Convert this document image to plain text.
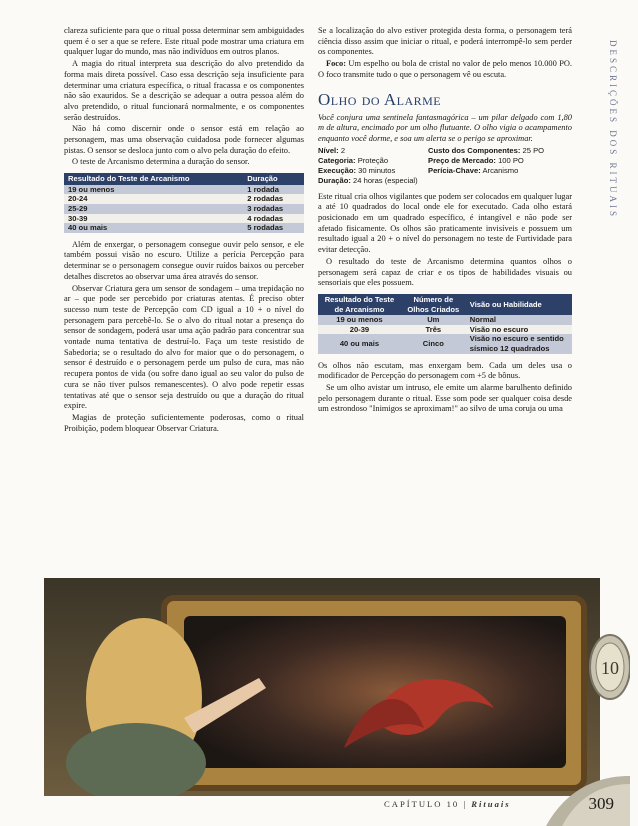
clareza suficiente para que o ritual possa determinar sem ambiguidades quem é o ser a que se refere. Este ritual pode mostrar uma criatura em qualquer lugar do mundo, mas não indivíduos em outros planos.

A magia do ritual interpreta sua descrição do alvo pretendido da forma mais direta possível. Caso essa descrição seja insuficiente para determinar uma criatura específica, o ritual fracassa e os componentes não são exauridos. Se a descrição se adequar a outra pessoa além do alvo pretendido, o ritual funcionará normalmente, e os componentes serão destruídos.

Não há como discernir onde o sensor está em relação ao personagem, mas uma observação cuidadosa pode fornecer algumas pistas. O sensor se desloca junto com o alvo pela duração do efeito.

O teste de Arcanismo determina a duração do sensor.

Resultado do Teste de Arcanismo	Duração
19 ou menos	1 rodada
20-24	2 rodadas
25-29	3 rodadas
30-39	4 rodadas
40 ou mais	5 rodadas

Além de enxergar, o personagem consegue ouvir pelo sensor, e ele também possui visão no escuro. Utilize a perícia Percepção para determinar se o personagem consegue ouvir ruídos baixos ou perceber detalhes discretos ao observar uma área através do sensor.

Observar Criatura gera um sensor de sondagem – uma trepidação no ar – que pode ser percebido por criaturas atentas. É preciso obter sucesso num teste de Percepção com CD igual a 10 + o nível do personagem para percebê-lo. Se o alvo do ritual notar a presença do sensor de sondagem, poderá usar uma ação padrão para concentrar sua vontade numa tentativa de destruí-lo. Faça um teste resistido de Sabedoria; se o resultado do alvo for maior que o do personagem, o sensor é destruído e o personagem perde um pulso de cura, mas não recupera pontos de vida (ou sofre dano igual ao seu valor do pulso de cura se não tiver pulsos remanescentes). O alvo pode repetir essas tentativas até que o sensor seja destruído ou que a duração do ritual expire.

Magias de proteção suficientemente poderosas, como o ritual Proibição, podem bloquear Observar Criatura.

Se a localização do alvo estiver protegida desta forma, o personagem terá ciência disso assim que iniciar o ritual, e poderá interrompê-lo sem perder os componentes.

Foco: Um espelho ou bola de cristal no valor de pelo menos 10.000 PO. O foco transmite tudo o que o personagem vê ou escuta.

Olho do Alarme

Você conjura uma sentinela fantasmagórica – um pilar delgado com 1,80 m de altura, encimado por um olho flutuante. O olho vigia o acampamento enquanto você dorme, e soa um alerta se o perigo se aproximar.

Nível: 2	Custo dos Componentes: 25 PO
Categoria: Proteção	Preço de Mercado: 100 PO
Execução: 30 minutos	Perícia-Chave: Arcanismo
Duração: 24 horas (especial)

Este ritual cria olhos vigilantes que podem ser colocados em qualquer lugar a até 10 quadrados do local onde ele for executado. Cada olho estará posicionado em um quadrado específico, é intangível e não pode ser afetado fisicamente. Os olhos são praticamente invisíveis e possuem um resultado igual a 20 + o nível do personagem no teste de Furtividade para evitar detecção.

O resultado do teste de Arcanismo determina quantos olhos o personagem será capaz de criar e os tipos de habilidades visuais ou sensoriais que eles possuem.

Resultado do Teste de Arcanismo	Número de Olhos Criados	Visão ou Habilidade
19 ou menos	Um	Normal
20-39	Três	Visão no escuro
40 ou mais	Cinco	Visão no escuro e sentido sísmico 12 quadrados

Os olhos não escutam, mas enxergam bem. Cada um deles usa o modificador de Percepção do personagem com +5 de bônus.

Se um olho avistar um intruso, ele emite um alarme barulhento definido pelo personagem durante o ritual. Esse som pode ser qualquer coisa desde um estrondoso "Inimigos se aproximam!" ao silvo de uma coruja ou uma

DESCRIÇÕES DOS RITUAIS
10
CAPÍTULO 10 | Rituais	309
